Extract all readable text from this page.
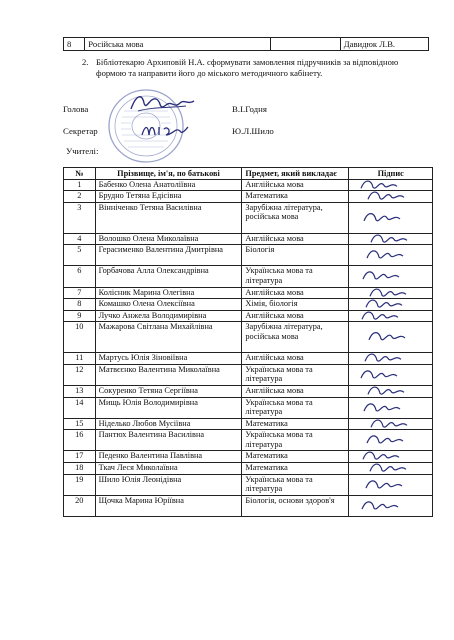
8	Російська мова		Давидюк Л.В.
2. Бібліотекарю Архиповій Н.А. сформувати замовлення підручників за відповідною
формою та направити його до міського методичного кабінету.
Голова	В.І.Годня
Секретар	Ю.Л.Шило
Учителі:
№	Прізвище, ім'я, по батькові	Предмет, який викладає	Підпис
1	Бабенко Олена Анатоліївна	Англійська мова	

2	Брудно Тетяна Едісівна	Математика	

3	Вінніченко Тетяна Василівна	Зарубіжна література, російська мова	

4	Волошко Олена Миколаївна	Англійська мова	

5	Герасименко Валентина Дмитрівна	Біологія	

6	Горбачова Алла Олександрівна	Українська мова та література	

7	Колісник Марина Олегівна	Англійська мова	

8	Комашко Олена Олексіївна	Хімія, біологія	

9	Лучко Анжела Володимирівна	Англійська мова	

10	Мажарова Світлана Михайлівна	Зарубіжна література, російська мова	

11	Мартусь Юлія Зіновіївна	Англійська мова	

12	Матвєєнко Валентина Миколаївна	Українська мова та література	

13	Сокуренко Тетяна Сергіївна	Англійська мова	

14	Мищь Юлія Володимирівна	Українська мова та література	

15	Ніделько Любов Мусіївна	Математика	

16	Пантюх Валентина Василівна	Українська мова та література	

17	Педенко Валентина Павлівна	Математика	

18	Ткач Леся Миколаївна	Математика	

19	Шило Юлія Леонідівна	Українська мова та література	

20	Щочка Марина Юріївна	Біологія, основи здоров'я	
